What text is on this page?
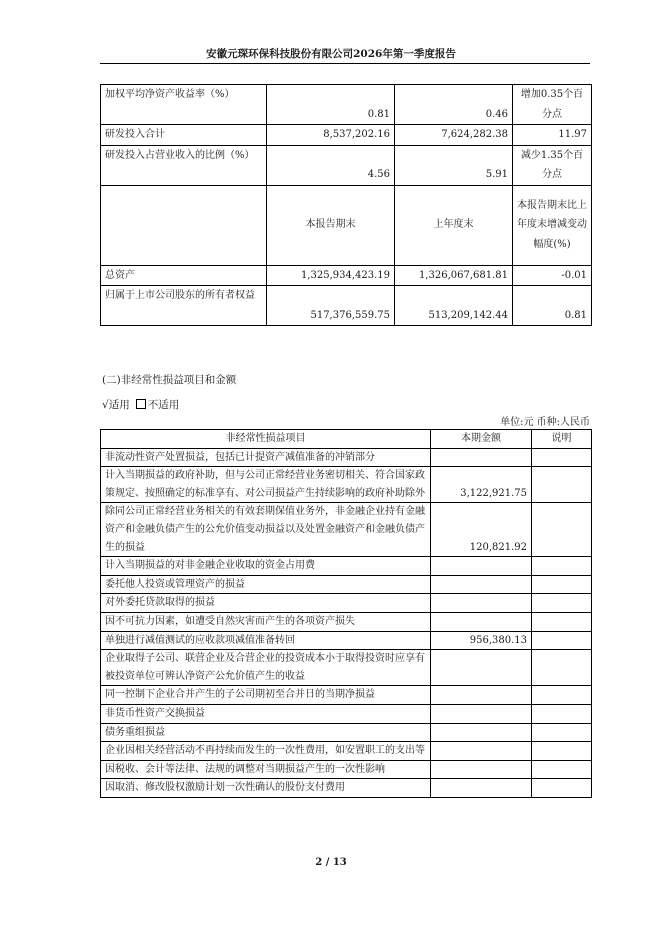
安徽元琛环保科技股份有限公司2026年第一季度报告
加权平均净资产收益率（%）	0.81	0.46	增加0.35个百分点
研发投入合计	8,537,202.16	7,624,282.38	11.97
研发投入占营业收入的比例（%）	4.56	5.91	减少1.35个百分点
	本报告期末	上年度末	本报告期末比上年度末增减变动幅度(%)
总资产	1,325,934,423.19	1,326,067,681.81	-0.01
归属于上市公司股东的所有者权益	517,376,559.75	513,209,142.44	0.81
(二)非经常性损益项目和金额
√适用 不适用
单位:元 币种:人民币
非经常性损益项目	本期金额	说明
非流动性资产处置损益，包括已计提资产减值准备的冲销部分		
计入当期损益的政府补助，但与公司正常经营业务密切相关、符合国家政策规定、按照确定的标准享有、对公司损益产生持续影响的政府补助除外	3,122,921.75	
除同公司正常经营业务相关的有效套期保值业务外，非金融企业持有金融资产和金融负债产生的公允价值变动损益以及处置金融资产和金融负债产生的损益	120,821.92	
计入当期损益的对非金融企业收取的资金占用费		
委托他人投资或管理资产的损益		
对外委托贷款取得的损益		
因不可抗力因素，如遭受自然灾害而产生的各项资产损失		
单独进行减值测试的应收款项减值准备转回	956,380.13	
企业取得子公司、联营企业及合营企业的投资成本小于取得投资时应享有被投资单位可辨认净资产公允价值产生的收益		
同一控制下企业合并产生的子公司期初至合并日的当期净损益		
非货币性资产交换损益		
债务重组损益		
企业因相关经营活动不再持续而发生的一次性费用，如安置职工的支出等		
因税收、会计等法律、法规的调整对当期损益产生的一次性影响		
因取消、修改股权激励计划一次性确认的股份支付费用		
2 / 13
